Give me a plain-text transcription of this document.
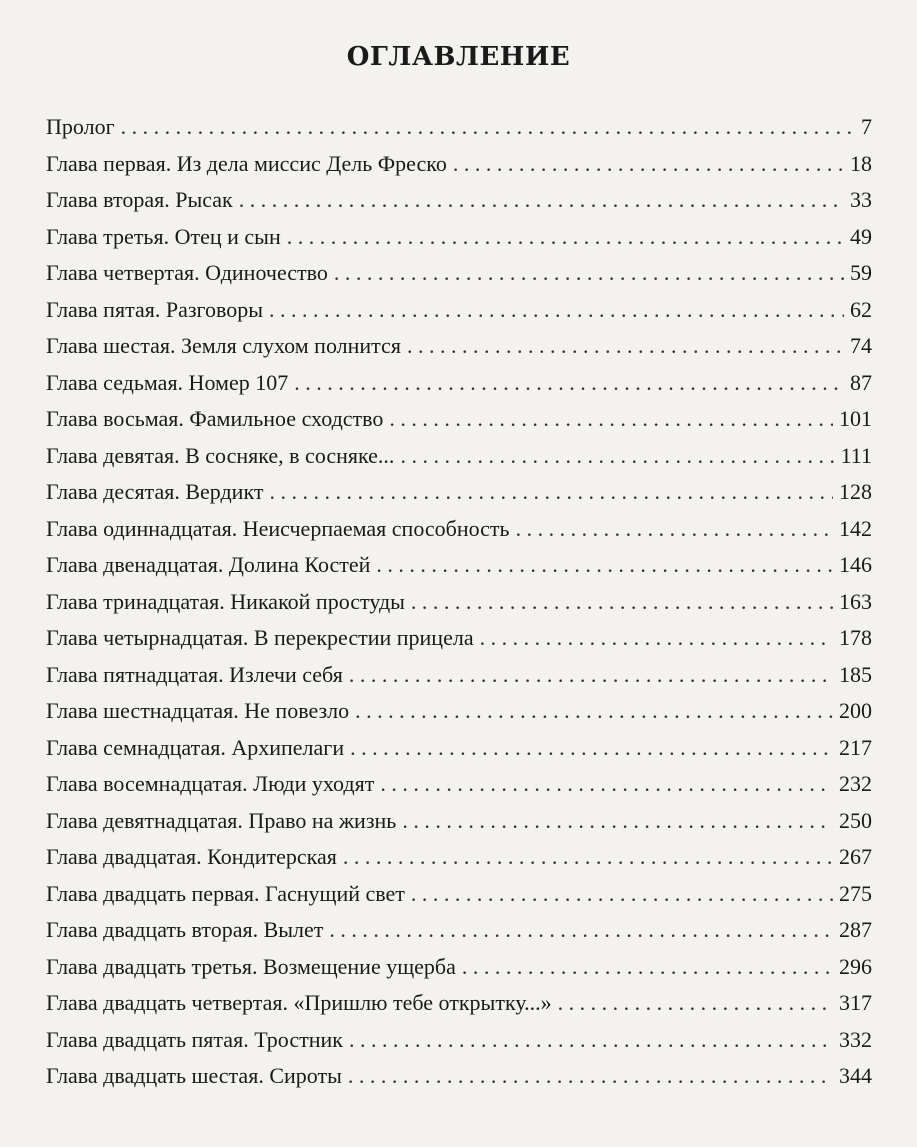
ОГЛАВЛЕНИЕ
Пролог . . .	7
Глава первая. Из дела миссис Дель Фреско . . .	18
Глава вторая. Рысак . . .	33
Глава третья. Отец и сын . . .	49
Глава четвертая. Одиночество . . .	59
Глава пятая. Разговоры . . .	62
Глава шестая. Земля слухом полнится . . .	74
Глава седьмая. Номер 107 . . .	87
Глава восьмая. Фамильное сходство . . .	101
Глава девятая. В сосняке, в сосняке... . . .	111
Глава десятая. Вердикт . . .	128
Глава одиннадцатая. Неисчерпаемая способность . . .	142
Глава двенадцатая. Долина Костей . . .	146
Глава тринадцатая. Никакой простуды . . .	163
Глава четырнадцатая. В перекрестии прицела . . .	178
Глава пятнадцатая. Излечи себя . . .	185
Глава шестнадцатая. Не повезло . . .	200
Глава семнадцатая. Архипелаги . . .	217
Глава восемнадцатая. Люди уходят . . .	232
Глава девятнадцатая. Право на жизнь . . .	250
Глава двадцатая. Кондитерская . . .	267
Глава двадцать первая. Гаснущий свет . . .	275
Глава двадцать вторая. Вылет . . .	287
Глава двадцать третья. Возмещение ущерба . . .	296
Глава двадцать четвертая. «Пришлю тебе открытку...» . . .	317
Глава двадцать пятая. Тростник . . .	332
Глава двадцать шестая. Сироты . . .	344
